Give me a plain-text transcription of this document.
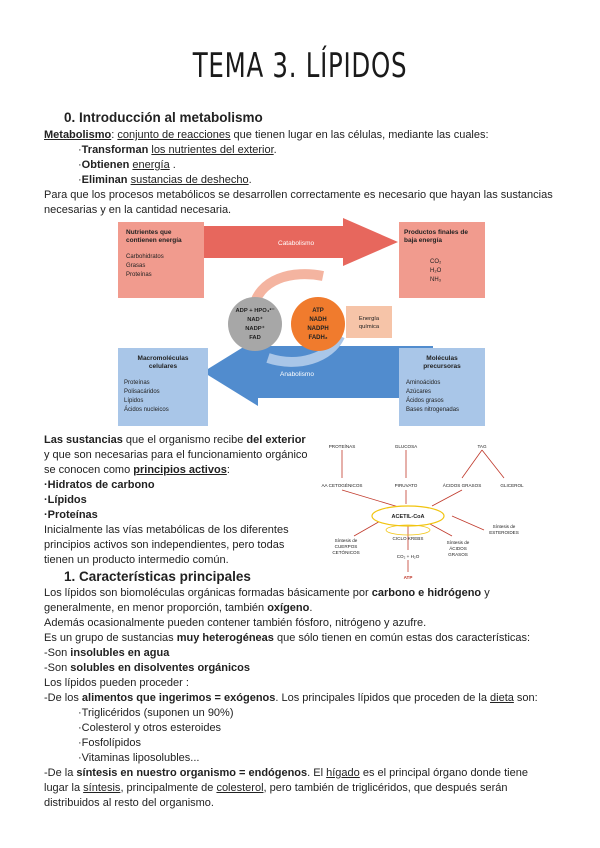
TEMA 3. LÍPIDOS
0. Introducción al metabolismo
Metabolismo: conjunto de reacciones que tienen lugar en las células, mediante las cuales:
·Transforman los nutrientes del exterior.
·Obtienen energía .
·Eliminan sustancias de deshecho.
Para que los procesos metabólicos se desarrollen correctamente es necesario que hayan las sustancias
necesarias y en la cantidad necesaria.
Nutrientes que
contienen energía
Carbohidratos
Grasas
Proteínas
Catabolismo
Productos finales de
baja energía
CO₂
H₂O
NH₃
ADP + HPO₄²⁻
NAD⁺
NADP⁺
FAD
ATP
NADH
NADPH
FADH₂
Energía
química
Macromoléculas
celulares
Proteínas
Polisacáridos
Lípidos
Ácidos nucleicos
Anabolismo
Moléculas
precursoras
Aminoácidos
Azúcares
Ácidos grasos
Bases nitrogenadas
Las sustancias que el organismo recibe del exterior
y que son necesarias para el funcionamiento orgánico
se conocen como principios activos:
·Hidratos de carbono
·Lípidos
·Proteínas
Inicialmente las vías metabólicas de los diferentes
principios activos son independientes, pero todas
tienen un producto intermedio común.
PROTEÍNAS	GLUCOSA	TAG
AA CETOGÉNICOS	PIRUVATO	ÁCIDOS GRASOS	GLICEROL
ACETIL-CoA
Síntesis de
ESTEROIDES
Síntesis de
CUERPOS
CETÓNICOS
CICLO KREBS
CO₂ + H₂O
Síntesis de
ÁCIDOS
GRASOS
ATP
1. Características principales
Los lípidos son biomoléculas orgánicas formadas básicamente por carbono e hidrógeno y
generalmente, en menor proporción, también oxígeno.
Además ocasionalmente pueden contener también fósforo, nitrógeno y azufre.
Es un grupo de sustancias muy heterogéneas que sólo tienen en común estas dos características:
-Son insolubles en agua
-Son solubles en disolventes orgánicos
Los lípidos pueden proceder :
-De los alimentos que ingerimos = exógenos. Los principales lípidos que proceden de la dieta son:
·Triglicéridos (suponen un 90%)
·Colesterol y otros esteroides
·Fosfolípidos
·Vitaminas liposolubles...
-De la síntesis en nuestro organismo = endógenos. El hígado es el principal órgano donde tiene
lugar la síntesis, principalmente de colesterol, pero también de triglicéridos, que después serán
distribuidos al resto del organismo.
